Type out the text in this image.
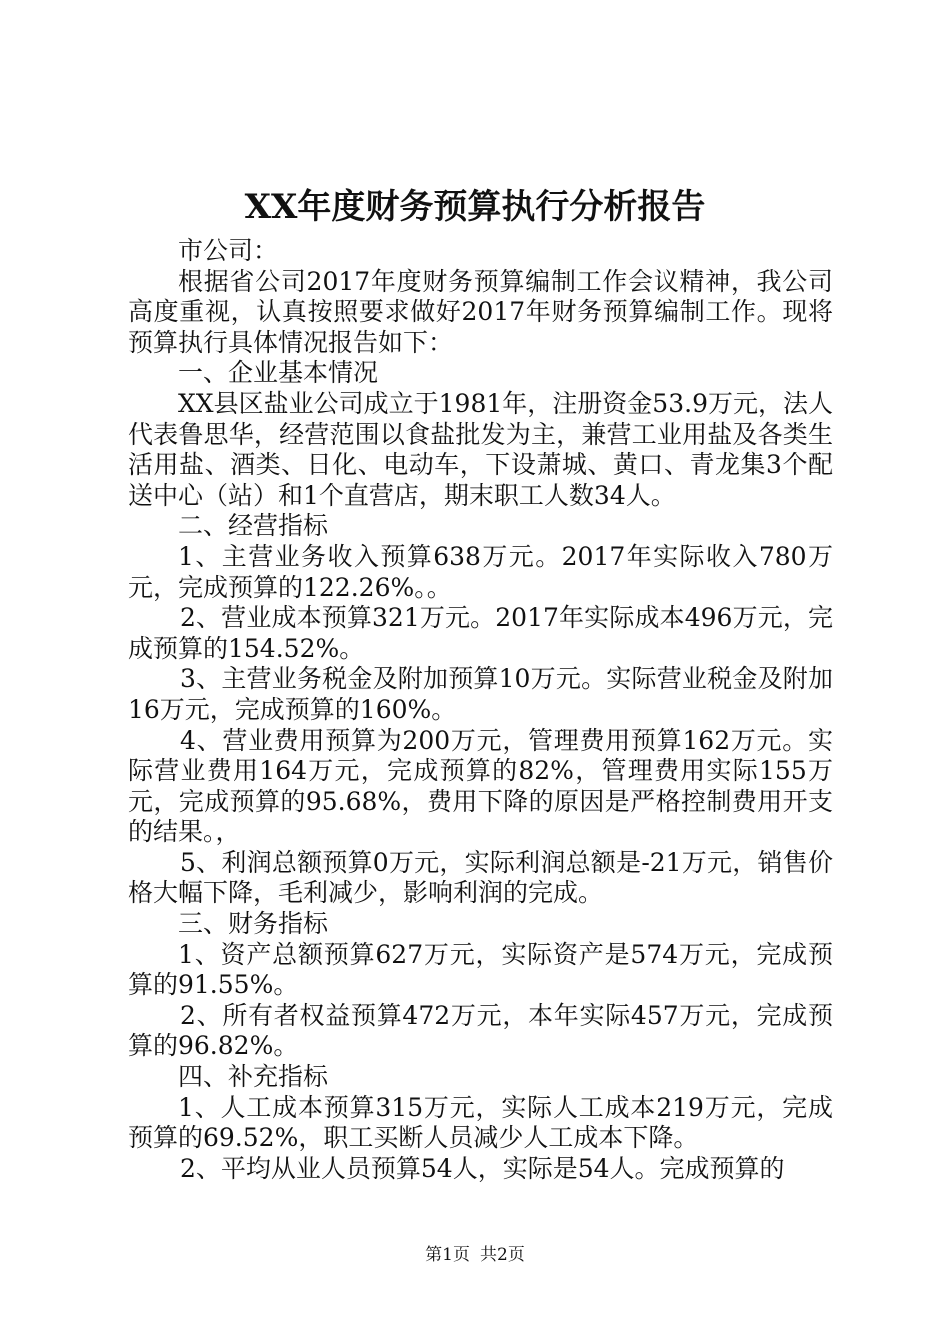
XX年度财务预算执行分析报告

市公司：

根据省公司2017年度财务预算编制工作会议精神，我公司高度重视，认真按照要求做好2017年财务预算编制工作。现将预算执行具体情况报告如下：

一、企业基本情况

XX县区盐业公司成立于1981年，注册资金53.9万元，法人代表鲁思华，经营范围以食盐批发为主，兼营工业用盐及各类生活用盐、酒类、日化、电动车，下设萧城、黄口、青龙集3个配送中心（站）和1个直营店，期末职工人数34人。

二、经营指标

1、主营业务收入预算638万元。2017年实际收入780万元，完成预算的122.26%。。

2、营业成本预算321万元。2017年实际成本496万元，完成预算的154.52%。

3、主营业务税金及附加预算10万元。实际营业税金及附加16万元，完成预算的160%。

4、营业费用预算为200万元，管理费用预算162万元。实际营业费用164万元，完成预算的82%，管理费用实际155万元，完成预算的95.68%，费用下降的原因是严格控制费用开支的结果。，

5、利润总额预算0万元，实际利润总额是-21万元，销售价格大幅下降，毛利减少，影响利润的完成。

三、财务指标

1、资产总额预算627万元，实际资产是574万元，完成预算的91.55%。

2、所有者权益预算472万元，本年实际457万元，完成预算的96.82%。

四、补充指标

1、人工成本预算315万元，实际人工成本219万元，完成预算的69.52%，职工买断人员减少人工成本下降。

2、平均从业人员预算54人，实际是54人。完成预算的

第1页 共2页
